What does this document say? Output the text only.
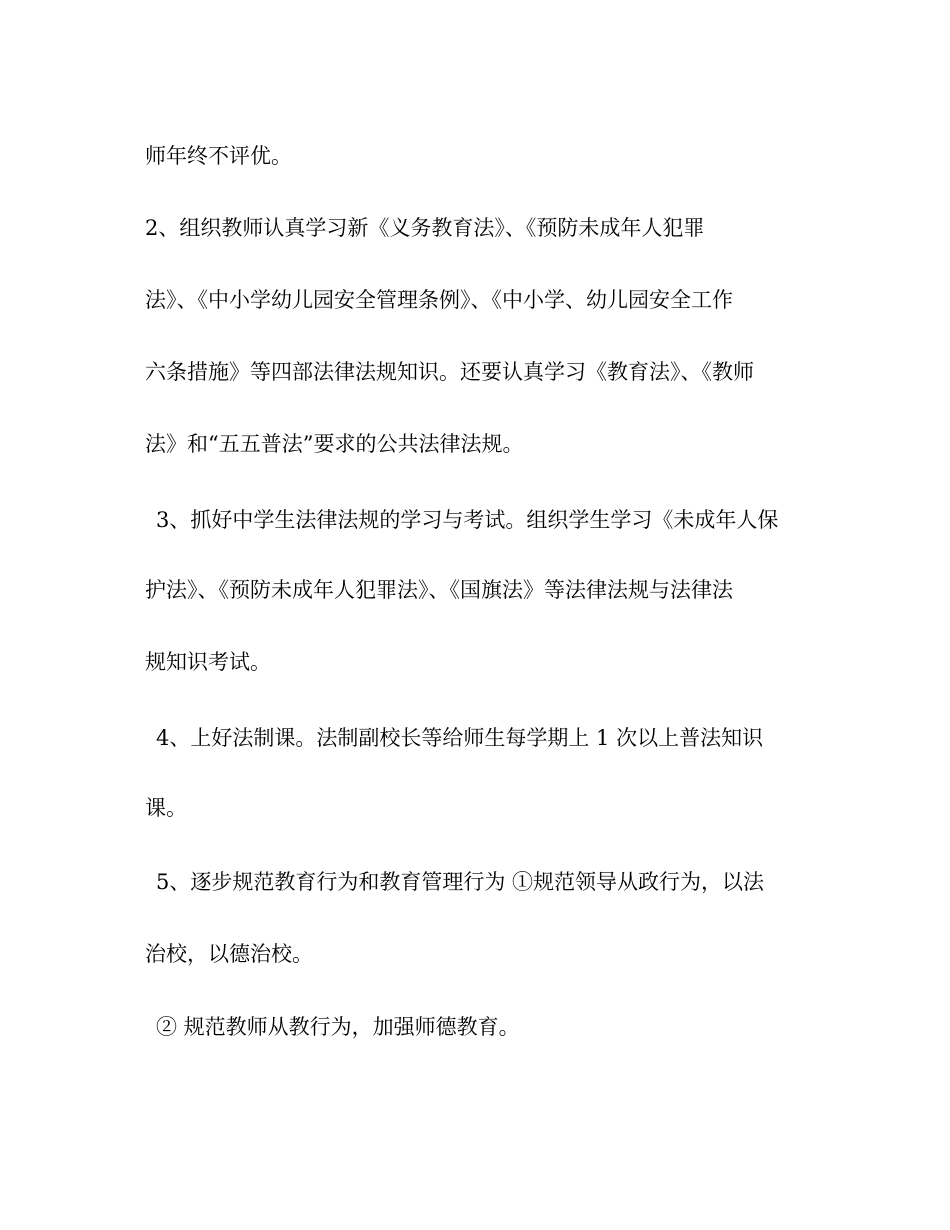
师年终不评优。
2、组织教师认真学习新《义务教育法》、《预防未成年人犯罪
法》、《中小学幼儿园安全管理条例》、《中小学、幼儿园安全工作
六条措施》等四部法律法规知识。还要认真学习《教育法》、《教师
法》和“五五普法”要求的公共法律法规。
3、抓好中学生法律法规的学习与考试。组织学生学习《未成年人保
护法》、《预防未成年人犯罪法》、《国旗法》等法律法规与法律法
规知识考试。
4、上好法制课。法制副校长等给师生每学期上 1 次以上普法知识
课。
5、逐步规范教育行为和教育管理行为 ①规范领导从政行为，以法
治校，以德治校。
② 规范教师从教行为，加强师德教育。
